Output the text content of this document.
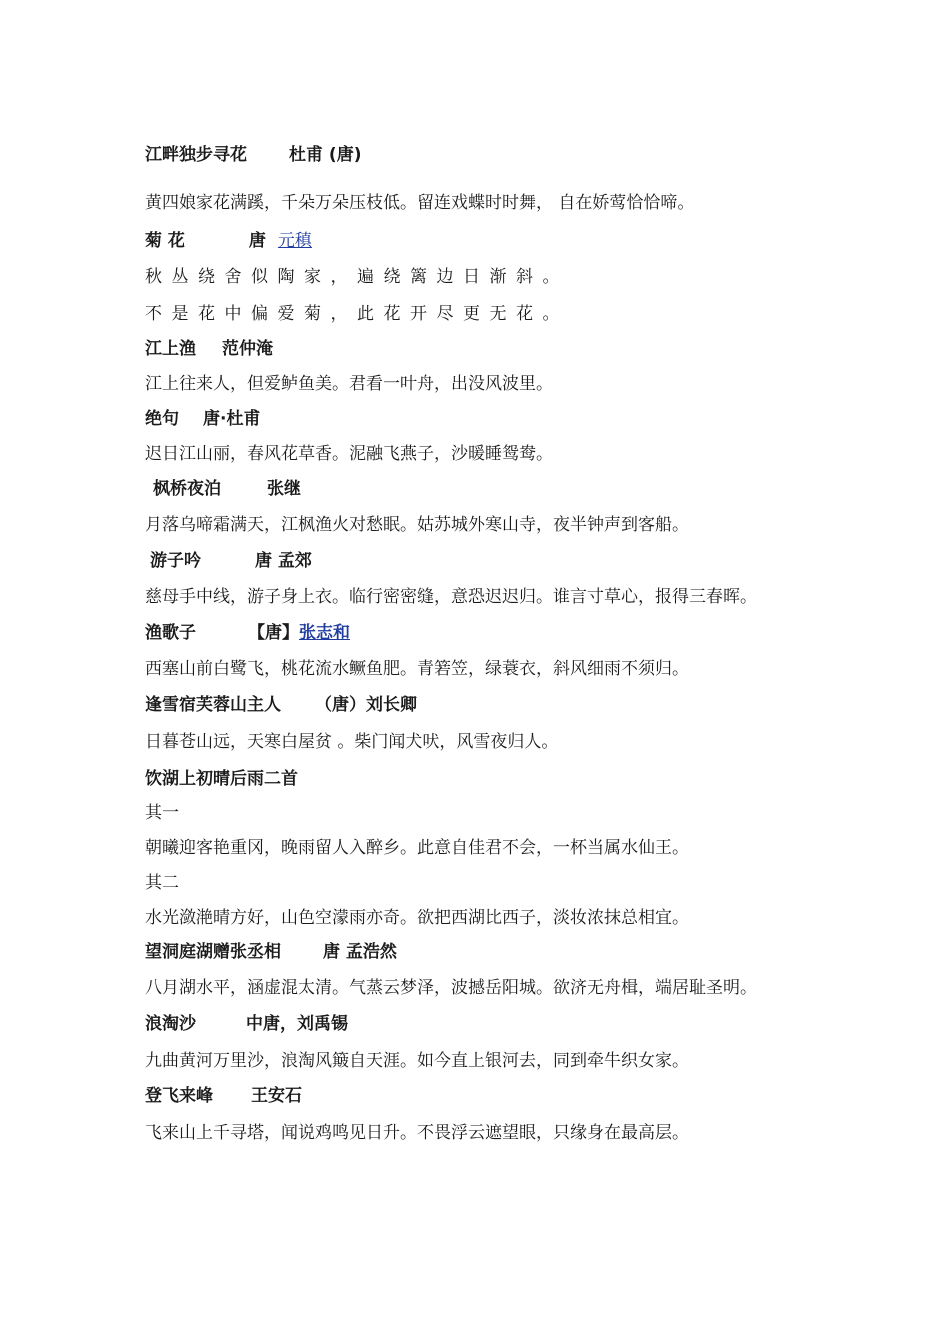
江畔独步寻花 杜甫 (唐)
黄四娘家花满蹊，千朵万朵压枝低。留连戏蝶时时舞， 自在娇莺恰恰啼。
菊 花	唐 元稹
秋丛绕舍似陶家，遍绕篱边日渐斜。
不是花中偏爱菊，此花开尽更无花。
江上渔 范仲淹
江上往来人，但爱鲈鱼美。君看一叶舟，出没风波里。
绝句 唐·杜甫
迟日江山丽，春风花草香。泥融飞燕子，沙暖睡鸳鸯。
枫桥夜泊	张继
月落乌啼霜满天，江枫渔火对愁眠。姑苏城外寒山寺，夜半钟声到客船。
游子吟	唐 孟郊
慈母手中线，游子身上衣。临行密密缝，意恐迟迟归。谁言寸草心，报得三春晖。
渔歌子	【唐】张志和
西塞山前白鹭飞，桃花流水鳜鱼肥。青箬笠，绿蓑衣，斜风细雨不须归。
逢雪宿芙蓉山主人 （唐）刘长卿
日暮苍山远，天寒白屋贫 。柴门闻犬吠，风雪夜归人。
饮湖上初晴后雨二首
其一
朝曦迎客艳重冈，晚雨留人入醉乡。此意自佳君不会，一杯当属水仙王。
其二
水光潋滟晴方好，山色空濛雨亦奇。欲把西湖比西子，淡妆浓抹总相宜。
望洞庭湖赠张丞相 唐 孟浩然
八月湖水平，涵虚混太清。气蒸云梦泽，波撼岳阳城。欲济无舟楫，端居耻圣明。
浪淘沙	中唐，刘禹锡
九曲黄河万里沙，浪淘风簸自天涯。如今直上银河去，同到牵牛织女家。
登飞来峰 王安石
飞来山上千寻塔，闻说鸡鸣见日升。不畏浮云遮望眼，只缘身在最高层。
